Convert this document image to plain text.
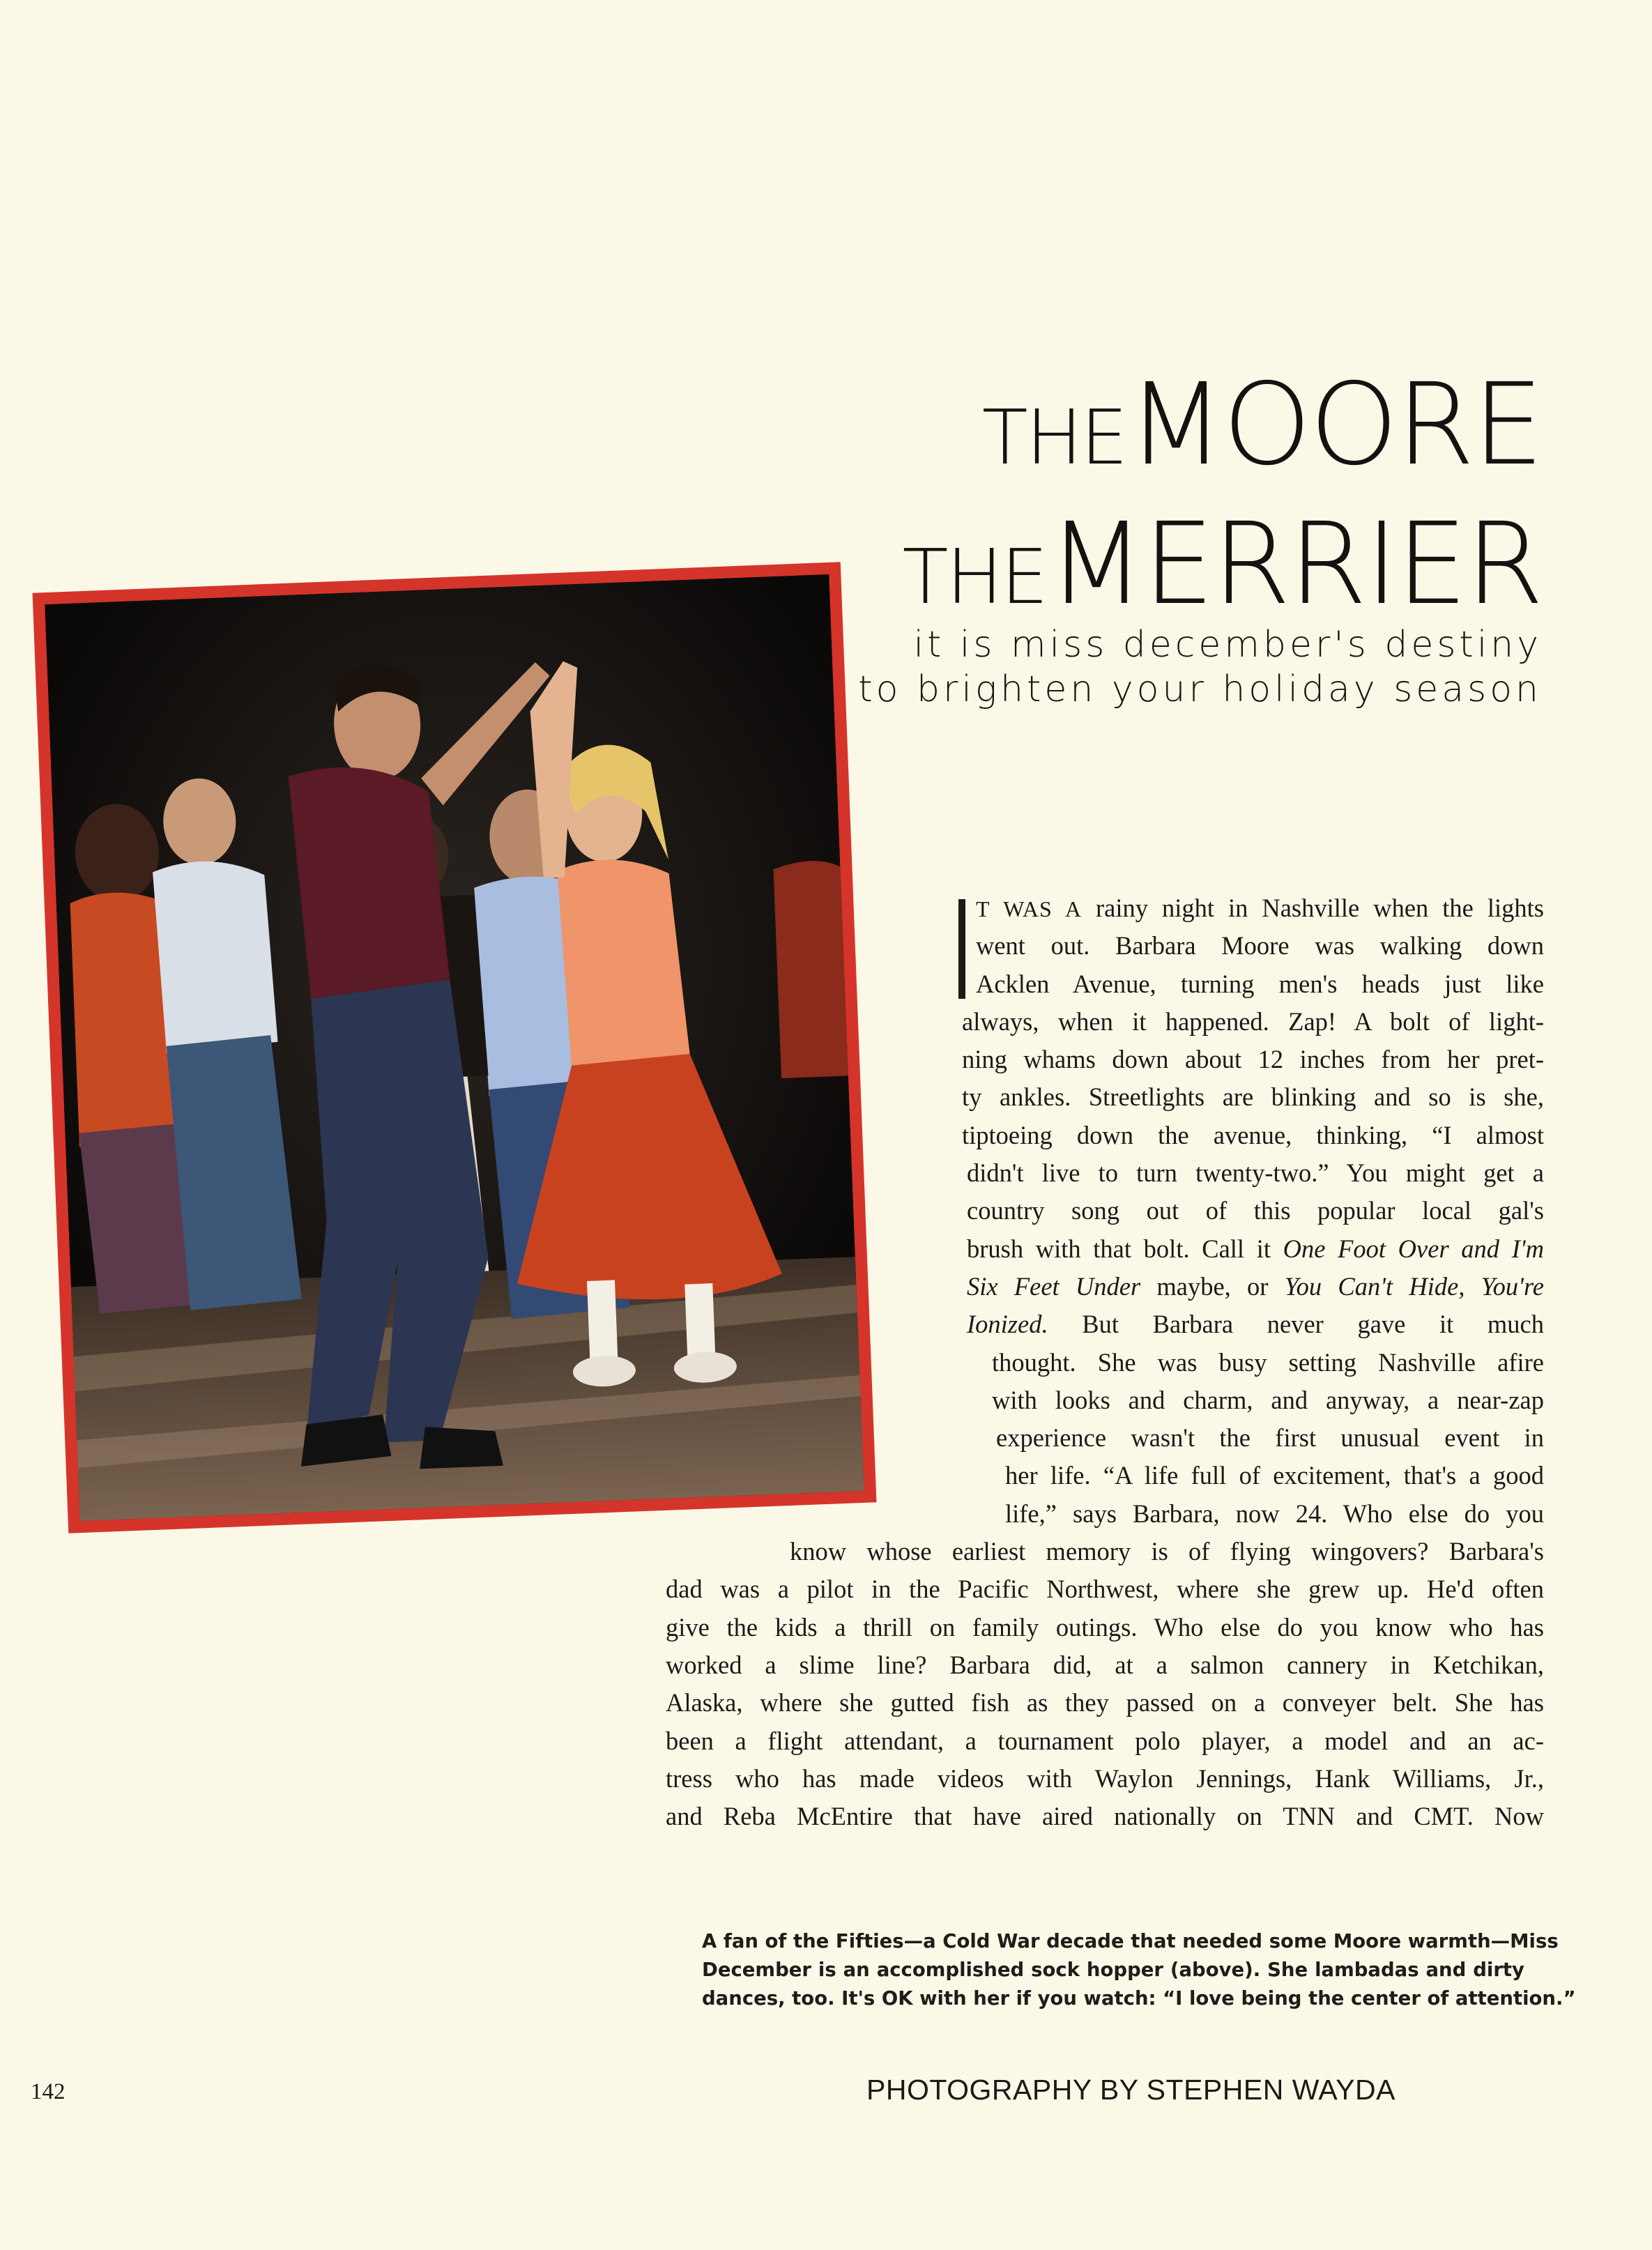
THE MOORE
THE MERRIER
it is miss december's destiny
to brighten your holiday season
T WAS A rainy night in Nashville when the lights
went out. Barbara Moore was walking down
Acklen Avenue, turning men's heads just like
always, when it happened. Zap! A bolt of light-
ning whams down about 12 inches from her pret-
ty ankles. Streetlights are blinking and so is she,
tiptoeing down the avenue, thinking, “I almost
didn't live to turn twenty-two.” You might get a
country song out of this popular local gal's
brush with that bolt. Call it One Foot Over and I'm
Six Feet Under maybe, or You Can't Hide, You're
Ionized. But Barbara never gave it much
thought. She was busy setting Nashville afire
with looks and charm, and anyway, a near-zap
experience wasn't the first unusual event in
her life. “A life full of excitement, that's a good
life,” says Barbara, now 24. Who else do you
know whose earliest memory is of flying wingovers? Barbara's
dad was a pilot in the Pacific Northwest, where she grew up. He'd often
give the kids a thrill on family outings. Who else do you know who has
worked a slime line? Barbara did, at a salmon cannery in Ketchikan,
Alaska, where she gutted fish as they passed on a conveyer belt. She has
been a flight attendant, a tournament polo player, a model and an ac-
tress who has made videos with Waylon Jennings, Hank Williams, Jr.,
and Reba McEntire that have aired nationally on TNN and CMT. Now
A fan of the Fifties—a Cold War decade that needed some Moore warmth—Miss
December is an accomplished sock hopper (above). She lambadas and dirty
dances, too. It's OK with her if you watch: “I love being the center of attention.”
142	PHOTOGRAPHY BY STEPHEN WAYDA
